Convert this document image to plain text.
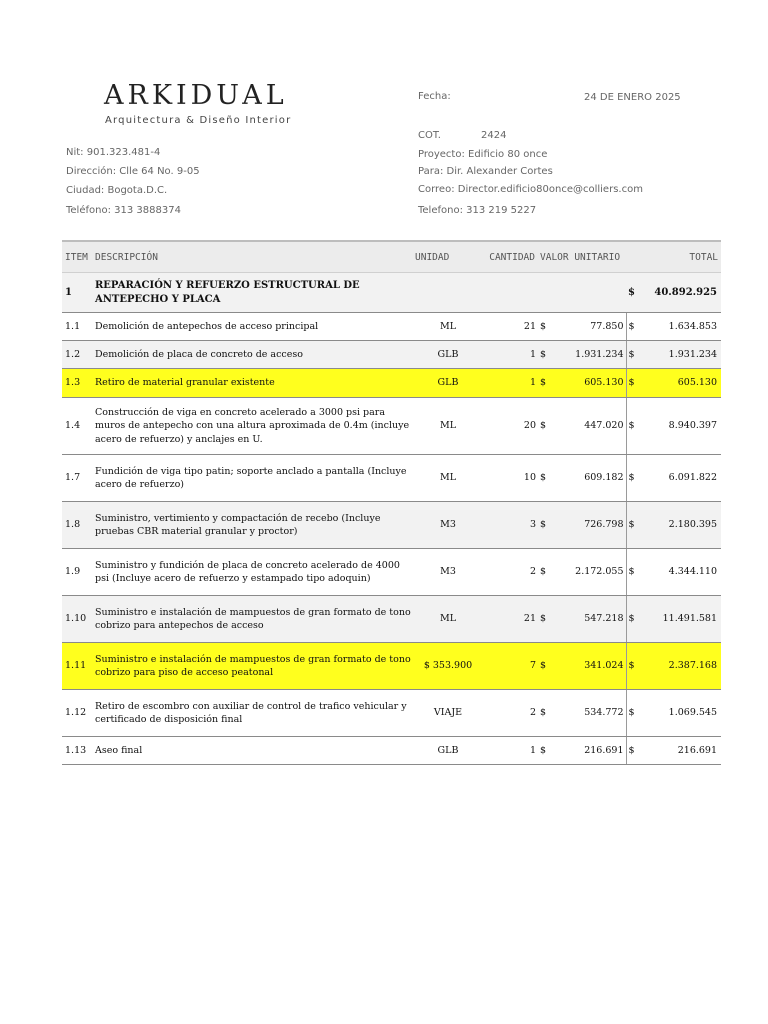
ARKIDUAL
Arquitectura & Diseño Interior
Nit: 901.323.481-4
Dirección: Clle 64 No. 9-05
Ciudad: Bogota.D.C.
Teléfono: 313 3888374
Fecha:	24 DE ENERO 2025
COT.	2424
Proyecto: Edificio 80 once
Para: Dir. Alexander Cortes
Correo: Director.edificio80once@colliers.com
Telefono: 313 219 5227
ITEM	DESCRIPCIÓN	UNIDAD	CANTIDAD	VALOR UNITARIO		TOTAL	
1	REPARACIÓN Y REFUERZO ESTRUCTURAL DE ANTEPECHO Y PLACA					$	40.892.925
1.1	Demolición de antepechos de acceso principal	ML	21	$	77.850	$	1.634.853
1.2	Demolición de placa de concreto de acceso	GLB	1	$	1.931.234	$	1.931.234
1.3	Retiro de material granular existente	GLB	1	$	605.130	$	605.130
1.4	Construcción de viga en concreto acelerado a 3000 psi para muros de antepecho con una altura aproximada de 0.4m (incluye acero de refuerzo) y anclajes en U.	ML	20	$	447.020	$	8.940.397
1.7	Fundición de viga tipo patin; soporte anclado a pantalla (Incluye acero de refuerzo)	ML	10	$	609.182	$	6.091.822
1.8	Suministro, vertimiento y compactación de recebo (Incluye pruebas CBR material granular y proctor)	M3	3	$	726.798	$	2.180.395
1.9	Suministro y fundición de placa de concreto acelerado de 4000 psi (Incluye acero de refuerzo y estampado tipo adoquin)	M3	2	$	2.172.055	$	4.344.110
1.10	Suministro e instalación de mampuestos de gran formato de tono cobrizo para antepechos de acceso	ML	21	$	547.218	$	11.491.581
1.11	Suministro e instalación de mampuestos de gran formato de tono cobrizo para piso de acceso peatonal	$ 353.900	7	$	341.024	$	2.387.168
1.12	Retiro de escombro con auxiliar de control de trafico vehicular y certificado de disposición final	VIAJE	2	$	534.772	$	1.069.545
1.13	Aseo final	GLB	1	$	216.691	$	216.691
